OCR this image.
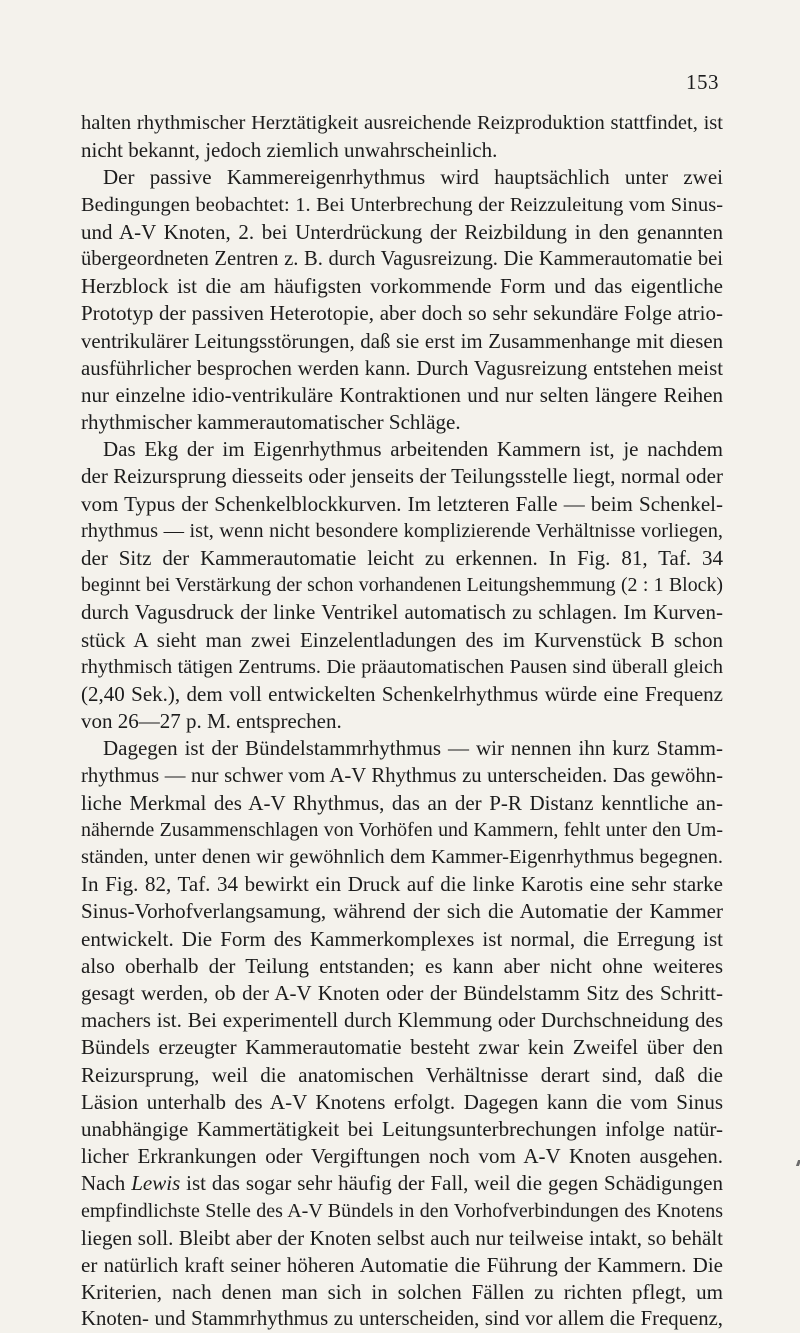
153
halten rhythmischer Herztätigkeit ausreichende Reizproduktion stattfindet, ist
nicht bekannt, jedoch ziemlich unwahrscheinlich.
Der passive Kammereigenrhythmus wird hauptsächlich unter zwei
Bedingungen beobachtet: 1. Bei Unterbrechung der Reizzuleitung vom Sinus-
und A-V Knoten, 2. bei Unterdrückung der Reizbildung in den genannten
übergeordneten Zentren z. B. durch Vagusreizung. Die Kammerautomatie bei
Herzblock ist die am häufigsten vorkommende Form und das eigentliche
Prototyp der passiven Heterotopie, aber doch so sehr sekundäre Folge atrio-
ventrikulärer Leitungsstörungen, daß sie erst im Zusammenhange mit diesen
ausführlicher besprochen werden kann. Durch Vagusreizung entstehen meist
nur einzelne idio-ventrikuläre Kontraktionen und nur selten längere Reihen
rhythmischer kammerautomatischer Schläge.
Das Ekg der im Eigenrhythmus arbeitenden Kammern ist, je nachdem
der Reizursprung diesseits oder jenseits der Teilungsstelle liegt, normal oder
vom Typus der Schenkelblockkurven. Im letzteren Falle — beim Schenkel-
rhythmus — ist, wenn nicht besondere komplizierende Verhältnisse vorliegen,
der Sitz der Kammerautomatie leicht zu erkennen. In Fig. 81, Taf. 34
beginnt bei Verstärkung der schon vorhandenen Leitungshemmung (2 : 1 Block)
durch Vagusdruck der linke Ventrikel automatisch zu schlagen. Im Kurven-
stück A sieht man zwei Einzelentladungen des im Kurvenstück B schon
rhythmisch tätigen Zentrums. Die präautomatischen Pausen sind überall gleich
(2,40 Sek.), dem voll entwickelten Schenkelrhythmus würde eine Frequenz
von 26—27 p. M. entsprechen.
Dagegen ist der Bündelstammrhythmus — wir nennen ihn kurz Stamm-
rhythmus — nur schwer vom A-V Rhythmus zu unterscheiden. Das gewöhn-
liche Merkmal des A-V Rhythmus, das an der P-R Distanz kenntliche an-
nähernde Zusammenschlagen von Vorhöfen und Kammern, fehlt unter den Um-
ständen, unter denen wir gewöhnlich dem Kammer-Eigenrhythmus begegnen.
In Fig. 82, Taf. 34 bewirkt ein Druck auf die linke Karotis eine sehr starke
Sinus-Vorhofverlangsamung, während der sich die Automatie der Kammer
entwickelt. Die Form des Kammerkomplexes ist normal, die Erregung ist
also oberhalb der Teilung entstanden; es kann aber nicht ohne weiteres
gesagt werden, ob der A-V Knoten oder der Bündelstamm Sitz des Schritt-
machers ist. Bei experimentell durch Klemmung oder Durchschneidung des
Bündels erzeugter Kammerautomatie besteht zwar kein Zweifel über den
Reizursprung, weil die anatomischen Verhältnisse derart sind, daß die
Läsion unterhalb des A-V Knotens erfolgt. Dagegen kann die vom Sinus
unabhängige Kammertätigkeit bei Leitungsunterbrechungen infolge natür-
licher Erkrankungen oder Vergiftungen noch vom A-V Knoten ausgehen.
Nach Lewis ist das sogar sehr häufig der Fall, weil die gegen Schädigungen
empfindlichste Stelle des A-V Bündels in den Vorhofverbindungen des Knotens
liegen soll. Bleibt aber der Knoten selbst auch nur teilweise intakt, so behält
er natürlich kraft seiner höheren Automatie die Führung der Kammern. Die
Kriterien, nach denen man sich in solchen Fällen zu richten pflegt, um
Knoten- und Stammrhythmus zu unterscheiden, sind vor allem die Frequenz,
